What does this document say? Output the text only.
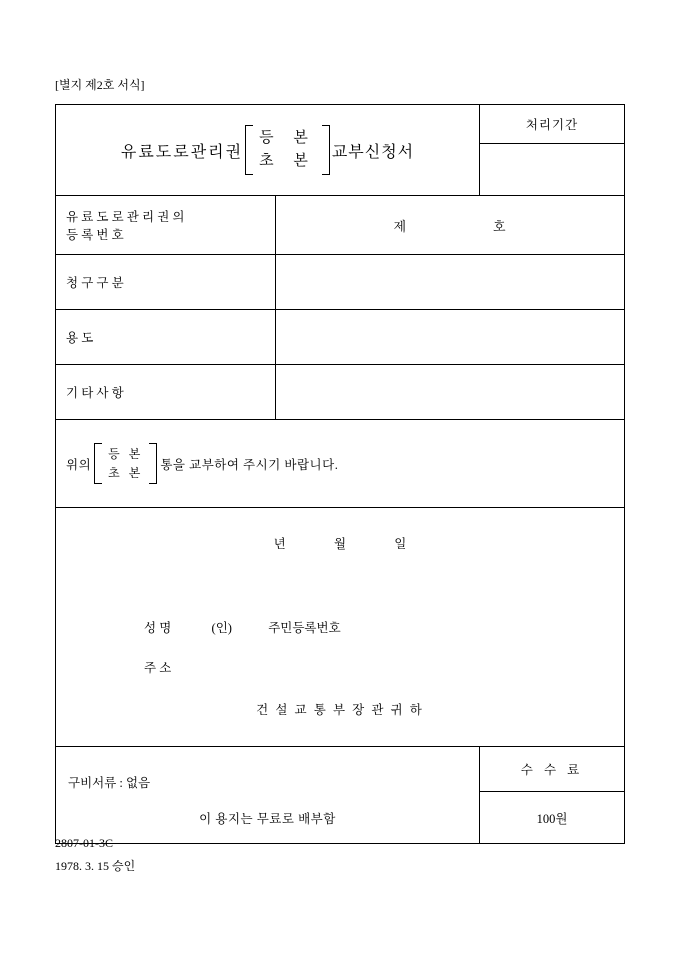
[별지 제2호 서식]
유료도로관리권
등 본
초 본
교부신청서
처리기간
유 료 도 로 관 리 권 의
등 록 번 호
제	호
청 구 구 분
용 도
기 타 사 항
위의
등 본
초 본
통을 교부하여 주시기 바랍니다.
년	월	일
성 명	(인)	주민등록번호
주 소
건 설 교 통 부 장 관 귀 하
구비서류 : 없음
이 용지는 무료로 배부함
수 수 료
100원
2807-01-3C
1978. 3. 15 승인
